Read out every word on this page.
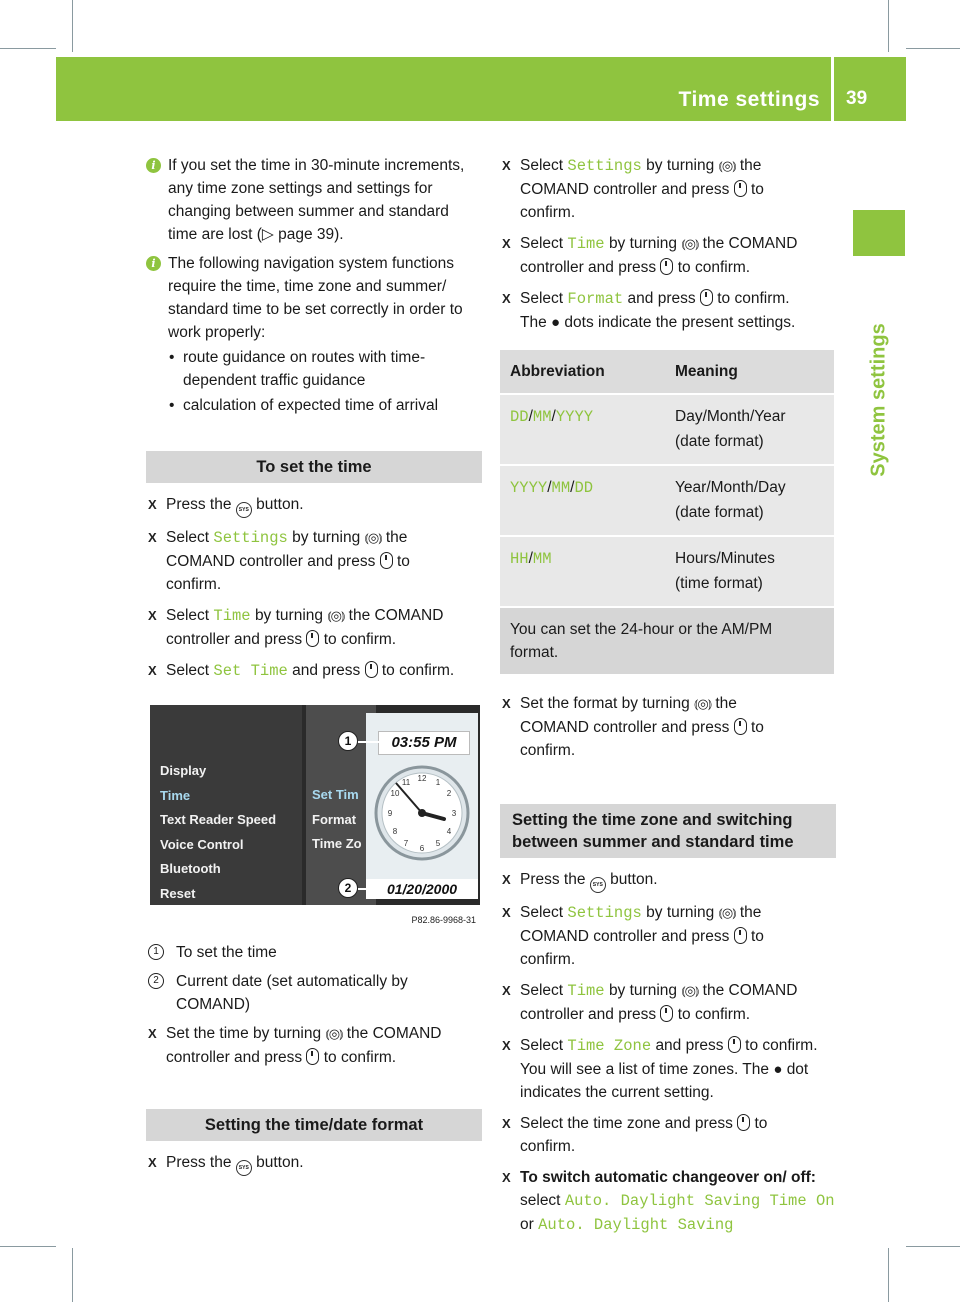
Time settings 39
System settings
i If you set the time in 30-minute increments, any time zone settings and settings for changing between summer and standard time are lost (▷ page 39).
i The following navigation system functions require the time, time zone and summer/ standard time to be set correctly in order to work properly:
• route guidance on routes with time-dependent traffic guidance
• calculation of expected time of arrival
To set the time
X Press the SYS button.
X Select Settings by turning ⦅◎⦆ the
COMAND controller and press to
confirm.
X Select Time by turning ⦅◎⦆ the COMAND
controller and press to confirm.
X Select Set Time and press to confirm.
Display
Time
Text Reader Speed
Voice Control
Bluetooth
Reset
Set Tim
Format
Time Zo
12 1
2
3
4
5
6
7
8
9
10
11
03:55 PM
01/20/2000
1
2
P82.86-9968-31
1	To set the time
2	Current date (set automatically by COMAND)
X Set the time by turning ⦅◎⦆ the COMAND
controller and press to confirm.
Setting the time/date format
X Press the SYS button.
X Select Settings by turning ⦅◎⦆ the
COMAND controller and press to
confirm.
X Select Time by turning ⦅◎⦆ the COMAND
controller and press to confirm.
X Select Format and press to confirm.
The ● dots indicate the present settings.
Abbreviation	Meaning
DD/MM/YYYY	Day/Month/Year
(date format)
YYYY/MM/DD	Year/Month/Day
(date format)
HH/MM	Hours/Minutes
(time format)
You can set the 24-hour or the AM/PM format.	
X Set the format by turning ⦅◎⦆ the
COMAND controller and press to
confirm.
Setting the time zone and switching between summer and standard time
X Press the SYS button.
X Select Settings by turning ⦅◎⦆ the
COMAND controller and press to
confirm.
X Select Time by turning ⦅◎⦆ the COMAND
controller and press to confirm.
X Select Time Zone and press to confirm.
You will see a list of time zones. The ● dot indicates the current setting.
X Select the time zone and press to
confirm.
X To switch automatic changeover on/ off: select Auto. Daylight Saving Time On or Auto. Daylight Saving
